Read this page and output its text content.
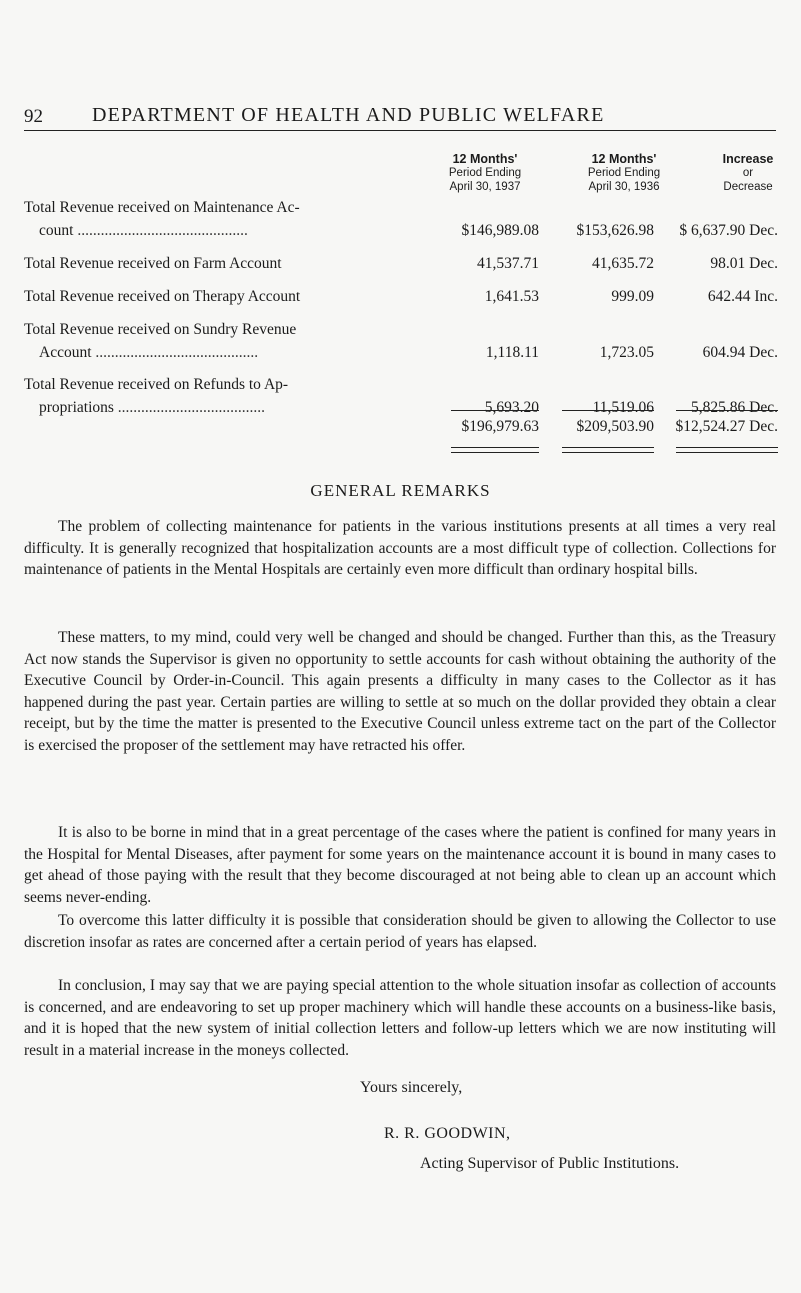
92 DEPARTMENT OF HEALTH AND PUBLIC WELFARE
12 Months'
Period Ending
April 30, 1937
12 Months'
Period Ending
April 30, 1936
Increase
or
Decrease
Total Revenue received on Maintenance Ac-
count ............................................	$146,989.08 $153,626.98 $ 6,637.90 Dec.
Total Revenue received on Farm Account	41,537.71	41,635.72	98.01 Dec.
Total Revenue received on Therapy Account	1,641.53	999.09	642.44 Inc.
Total Revenue received on Sundry Revenue
Account ..........................................	1,118.11	1,723.05	604.94 Dec.
Total Revenue received on Refunds to Ap-
propriations ......................................	5,693.20	11,519.06 5,825.86 Dec.
$196,979.63 $209,503.90 $12,524.27 Dec.
GENERAL REMARKS

The problem of collecting maintenance for patients in the various institutions presents at all times a very real difficulty. It is generally recognized that hospitalization accounts are a most difficult type of collection. Collections for maintenance of patients in the Mental Hospitals are certainly even more difficult than ordinary hospital bills.

These matters, to my mind, could very well be changed and should be changed. Further than this, as the Treasury Act now stands the Supervisor is given no opportunity to settle accounts for cash without obtaining the authority of the Executive Council by Order-in-Council. This again presents a difficulty in many cases to the Collector as it has happened during the past year. Certain parties are willing to settle at so much on the dollar provided they obtain a clear receipt, but by the time the matter is presented to the Executive Council unless extreme tact on the part of the Collector is exercised the proposer of the settlement may have retracted his offer.

It is also to be borne in mind that in a great percentage of the cases where the patient is confined for many years in the Hospital for Mental Diseases, after payment for some years on the maintenance account it is bound in many cases to get ahead of those paying with the result that they become discouraged at not being able to clean up an account which seems never-ending.

To overcome this latter difficulty it is possible that consideration should be given to allowing the Collector to use discretion insofar as rates are concerned after a certain period of years has elapsed.

In conclusion, I may say that we are paying special attention to the whole situation insofar as collection of accounts is concerned, and are endeavoring to set up proper machinery which will handle these accounts on a business-like basis, and it is hoped that the new system of initial collection letters and follow-up letters which we are now instituting will result in a material increase in the moneys collected.

Yours sincerely,
R. R. GOODWIN,
Acting Supervisor of Public Institutions.
